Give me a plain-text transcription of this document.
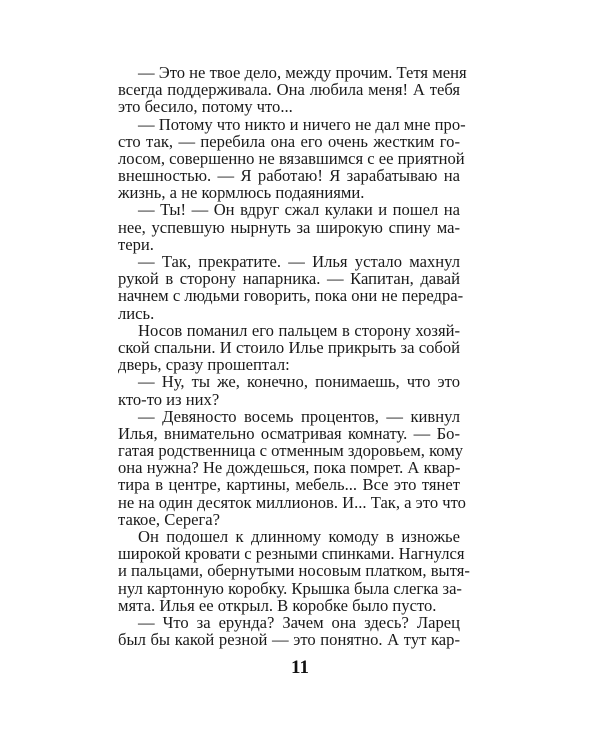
— Это не твое дело, между прочим. Тетя меня
всегда поддерживала. Она любила меня! А тебя
это бесило, потому что...
— Потому что никто и ничего не дал мне про-
сто так, — перебила она его очень жестким го-
лосом, совершенно не вязавшимся с ее приятной
внешностью. — Я работаю! Я зарабатываю на
жизнь, а не кормлюсь подаяниями.
— Ты! — Он вдруг сжал кулаки и пошел на
нее, успевшую нырнуть за широкую спину ма-
тери.
— Так, прекратите. — Илья устало махнул
рукой в сторону напарника. — Капитан, давай
начнем с людьми говорить, пока они не передра-
лись.
Носов поманил его пальцем в сторону хозяй-
ской спальни. И стоило Илье прикрыть за собой
дверь, сразу прошептал:
— Ну, ты же, конечно, понимаешь, что это
кто-то из них?
— Девяносто восемь процентов, — кивнул
Илья, внимательно осматривая комнату. — Бо-
гатая родственница с отменным здоровьем, кому
она нужна? Не дождешься, пока помрет. А квар-
тира в центре, картины, мебель... Все это тянет
не на один десяток миллионов. И... Так, а это что
такое, Серега?
Он подошел к длинному комоду в изножье
широкой кровати с резными спинками. Нагнулся
и пальцами, обернутыми носовым платком, вытя-
нул картонную коробку. Крышка была слегка за-
мята. Илья ее открыл. В коробке было пусто.
— Что за ерунда? Зачем она здесь? Ларец
был бы какой резной — это понятно. А тут кар-
11
